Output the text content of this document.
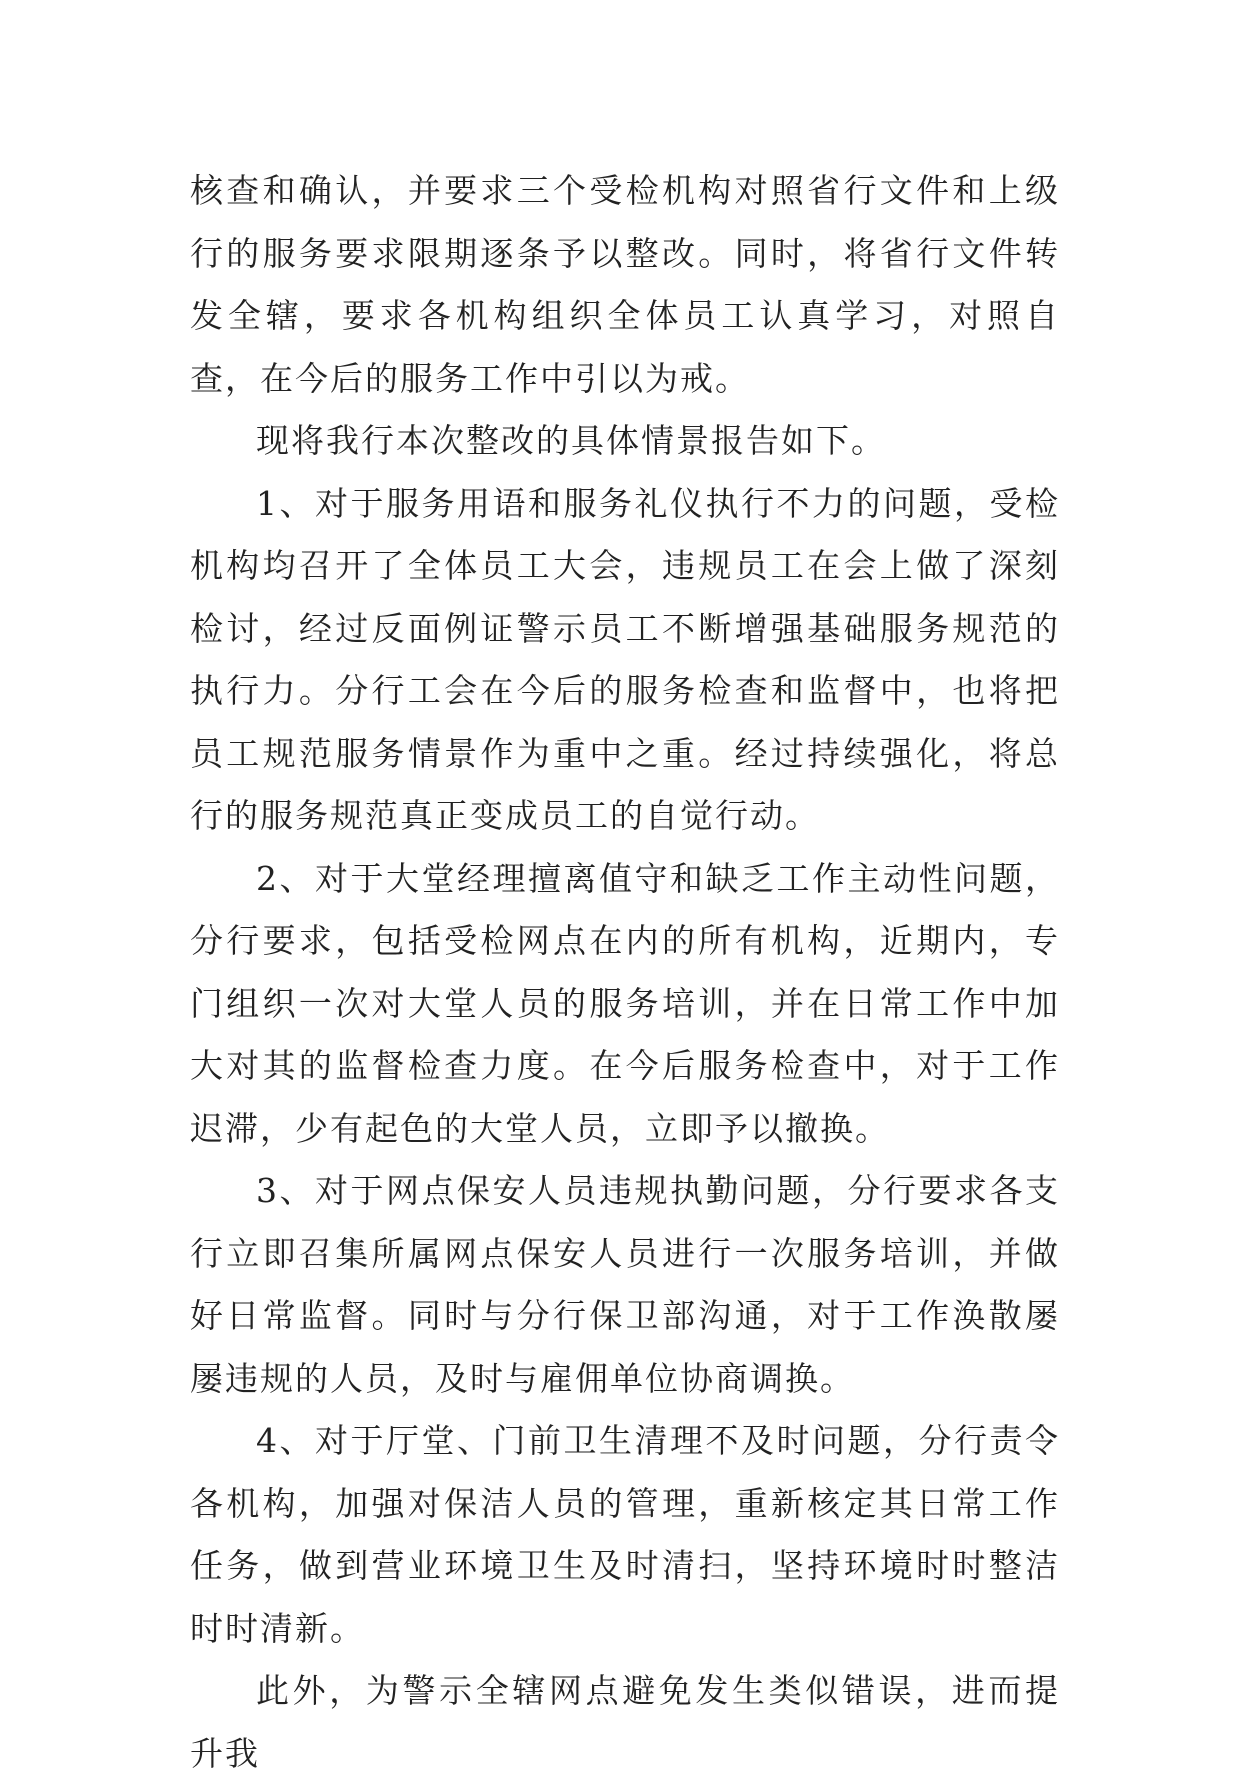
核查和确认，并要求三个受检机构对照省行文件和上级行的服务要求限期逐条予以整改。同时，将省行文件转发全辖，要求各机构组织全体员工认真学习，对照自查，在今后的服务工作中引以为戒。

现将我行本次整改的具体情景报告如下。

1、对于服务用语和服务礼仪执行不力的问题，受检机构均召开了全体员工大会，违规员工在会上做了深刻检讨，经过反面例证警示员工不断增强基础服务规范的执行力。分行工会在今后的服务检查和监督中，也将把员工规范服务情景作为重中之重。经过持续强化，将总行的服务规范真正变成员工的自觉行动。

2、对于大堂经理擅离值守和缺乏工作主动性问题，分行要求，包括受检网点在内的所有机构，近期内，专门组织一次对大堂人员的服务培训，并在日常工作中加大对其的监督检查力度。在今后服务检查中，对于工作迟滞，少有起色的大堂人员，立即予以撤换。

3、对于网点保安人员违规执勤问题，分行要求各支行立即召集所属网点保安人员进行一次服务培训，并做好日常监督。同时与分行保卫部沟通，对于工作涣散屡屡违规的人员，及时与雇佣单位协商调换。

4、对于厅堂、门前卫生清理不及时问题，分行责令各机构，加强对保洁人员的管理，重新核定其日常工作任务，做到营业环境卫生及时清扫，坚持环境时时整洁时时清新。

此外，为警示全辖网点避免发生类似错误，进而提升我
